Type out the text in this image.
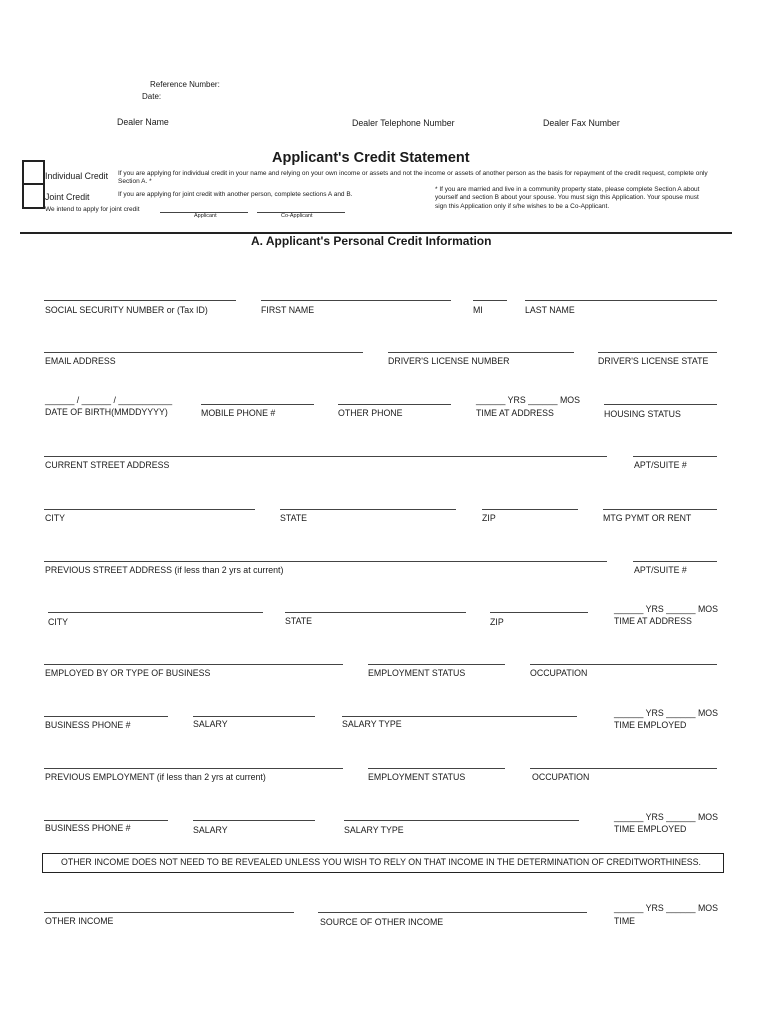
Reference Number:
Date:
Dealer Name	Dealer Telephone Number	Dealer Fax Number
Applicant's Credit Statement
Individual Credit If you are applying for individual credit in your name and relying on your own income or assets and not the income or assets of another person as the basis for repayment of the credit request, complete only Section A. *
Joint Credit	If you are applying for joint credit with another person, complete sections A and B.
* If you are married and live in a community property state, please complete Section A about yourself and section B about your spouse. You must sign this Application. Your spouse must sign this Application only if s/he wishes to be a Co-Applicant.
We intend to apply for joint credit
Applicant	Co-Applicant
A. Applicant's Personal Credit Information
SOCIAL SECURITY NUMBER or (Tax ID)	FIRST NAME	MI	LAST NAME
EMAIL ADDRESS	DRIVER'S LICENSE NUMBER	DRIVER'S LICENSE STATE
______ / ______ / ___________	______ YRS ______ MOS
DATE OF BIRTH(MMDDYYYY)	MOBILE PHONE #	OTHER PHONE	TIME AT ADDRESS	HOUSING STATUS
CURRENT STREET ADDRESS	APT/SUITE #
CITY	STATE	ZIP	MTG PYMT OR RENT
PREVIOUS STREET ADDRESS (if less than 2 yrs at current)	APT/SUITE #
______ YRS ______ MOS
CITY	STATE	ZIP	TIME AT ADDRESS
EMPLOYED BY OR TYPE OF BUSINESS	EMPLOYMENT STATUS	OCCUPATION
______ YRS ______ MOS
BUSINESS PHONE #	SALARY	SALARY TYPE	TIME EMPLOYED
PREVIOUS EMPLOYMENT (if less than 2 yrs at current)	EMPLOYMENT STATUS	OCCUPATION
______ YRS ______ MOS
BUSINESS PHONE #	SALARY	SALARY TYPE	TIME EMPLOYED
OTHER INCOME DOES NOT NEED TO BE REVEALED UNLESS YOU WISH TO RELY ON THAT INCOME IN THE DETERMINATION OF CREDITWORTHINESS.
______ YRS ______ MOS
OTHER INCOME	SOURCE OF OTHER INCOME	TIME
